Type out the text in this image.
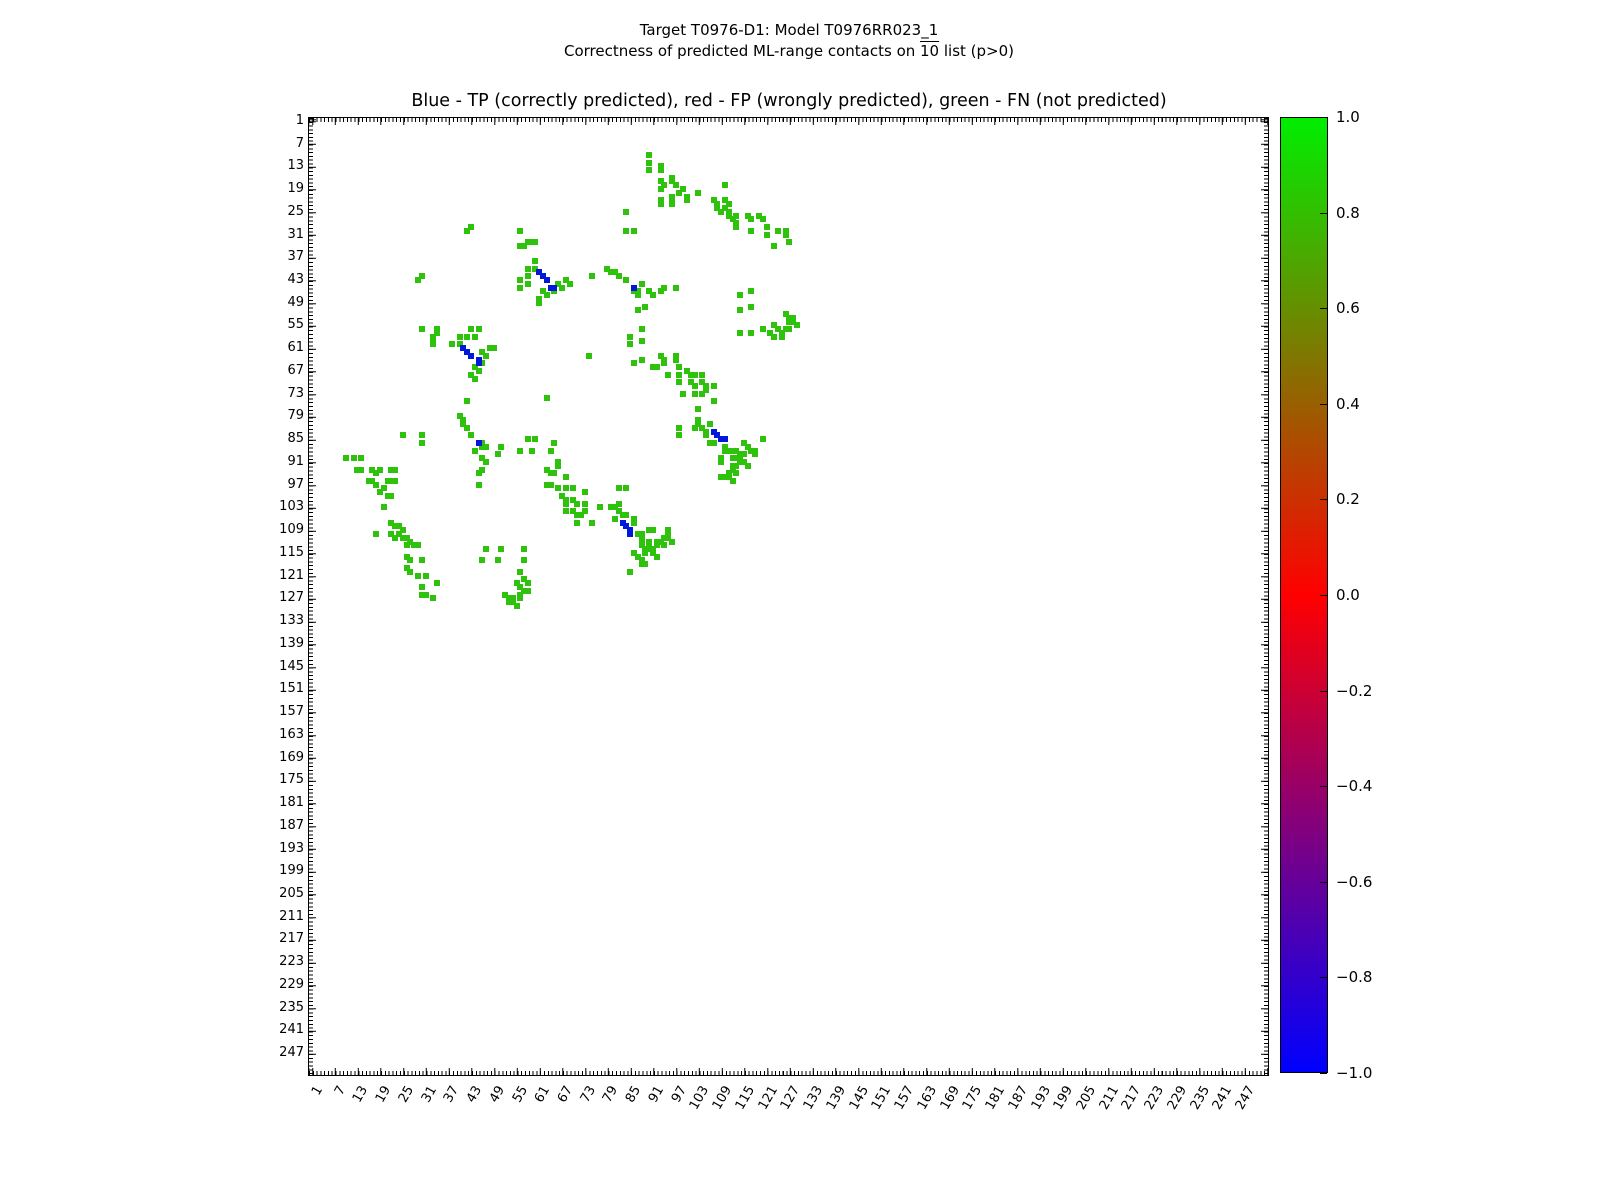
Target T0976-D1: Model T0976RR023_1
Correctness of predicted ML-range contacts on 10 list (p>0)
Blue - TP (correctly predicted), red - FP (wrongly predicted), green - FN (not predicted)
1
7
13
19
25
31
37
43
49
55
61
67
73
79
85
91
97
103
109
115
121
127
133
139
145
151
157
163
169
175
181
187
193
199
205
211
217
223
229
235
241
247
1 7 13 19 25 31 37 43 49 55 61 67 73 79 85 91 97
103
109
115
121
127
133
139
145
151
157
163
169
175
181
187
193
199
205
211
217
223
229
235
241
247
1.0
0.8
0.6
0.4
0.2
0.0
−0.2
−0.4
−0.6
−0.8
−1.0
